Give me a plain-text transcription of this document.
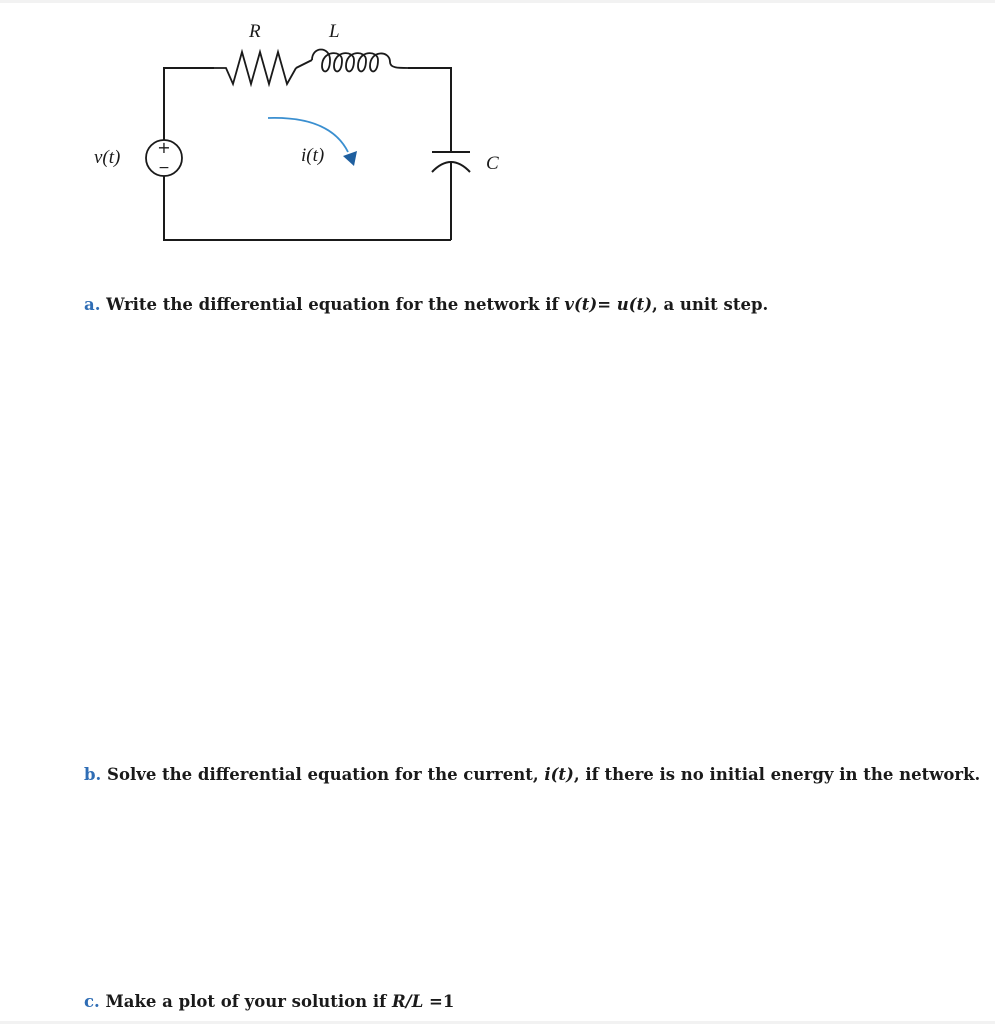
+
−
R	L
C
v(t)	i(t)

a. Write the differential equation for the network if v(t)= u(t), a unit step.

b. Solve the differential equation for the current, i(t), if there is no initial energy in the network.

c. Make a plot of your solution if R/L =1
